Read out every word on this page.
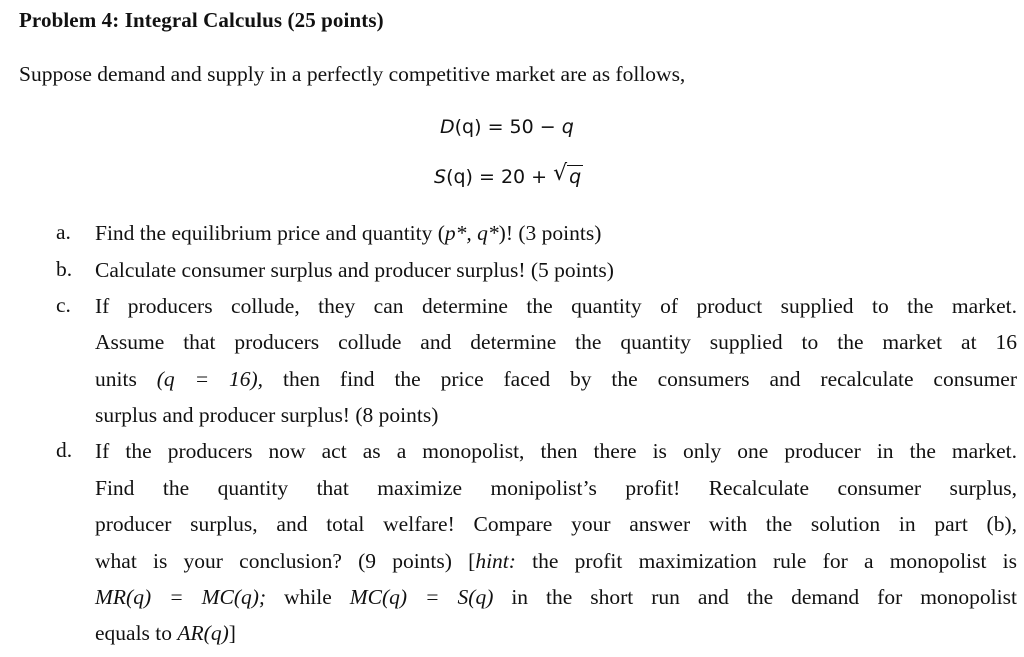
Problem 4: Integral Calculus (25 points)
Suppose demand and supply in a perfectly competitive market are as follows,
D(q) = 50 − q
S(q) = 20 + √ q
a. Find the equilibrium price and quantity (p*, q*)! (3 points)
b. Calculate consumer surplus and producer surplus! (5 points)
c. If producers collude, they can determine the quantity of product supplied to the market.
Assume that producers collude and determine the quantity supplied to the market at 16
units (q = 16), then find the price faced by the consumers and recalculate consumer
surplus and producer surplus! (8 points)
d. If the producers now act as a monopolist, then there is only one producer in the market.
Find the quantity that maximize monipolist’s profit! Recalculate consumer surplus,
producer surplus, and total welfare! Compare your answer with the solution in part (b),
what is your conclusion? (9 points) [hint: the profit maximization rule for a monopolist is
MR(q) = MC(q); while MC(q) = S(q) in the short run and the demand for monopolist
equals to AR(q)]
